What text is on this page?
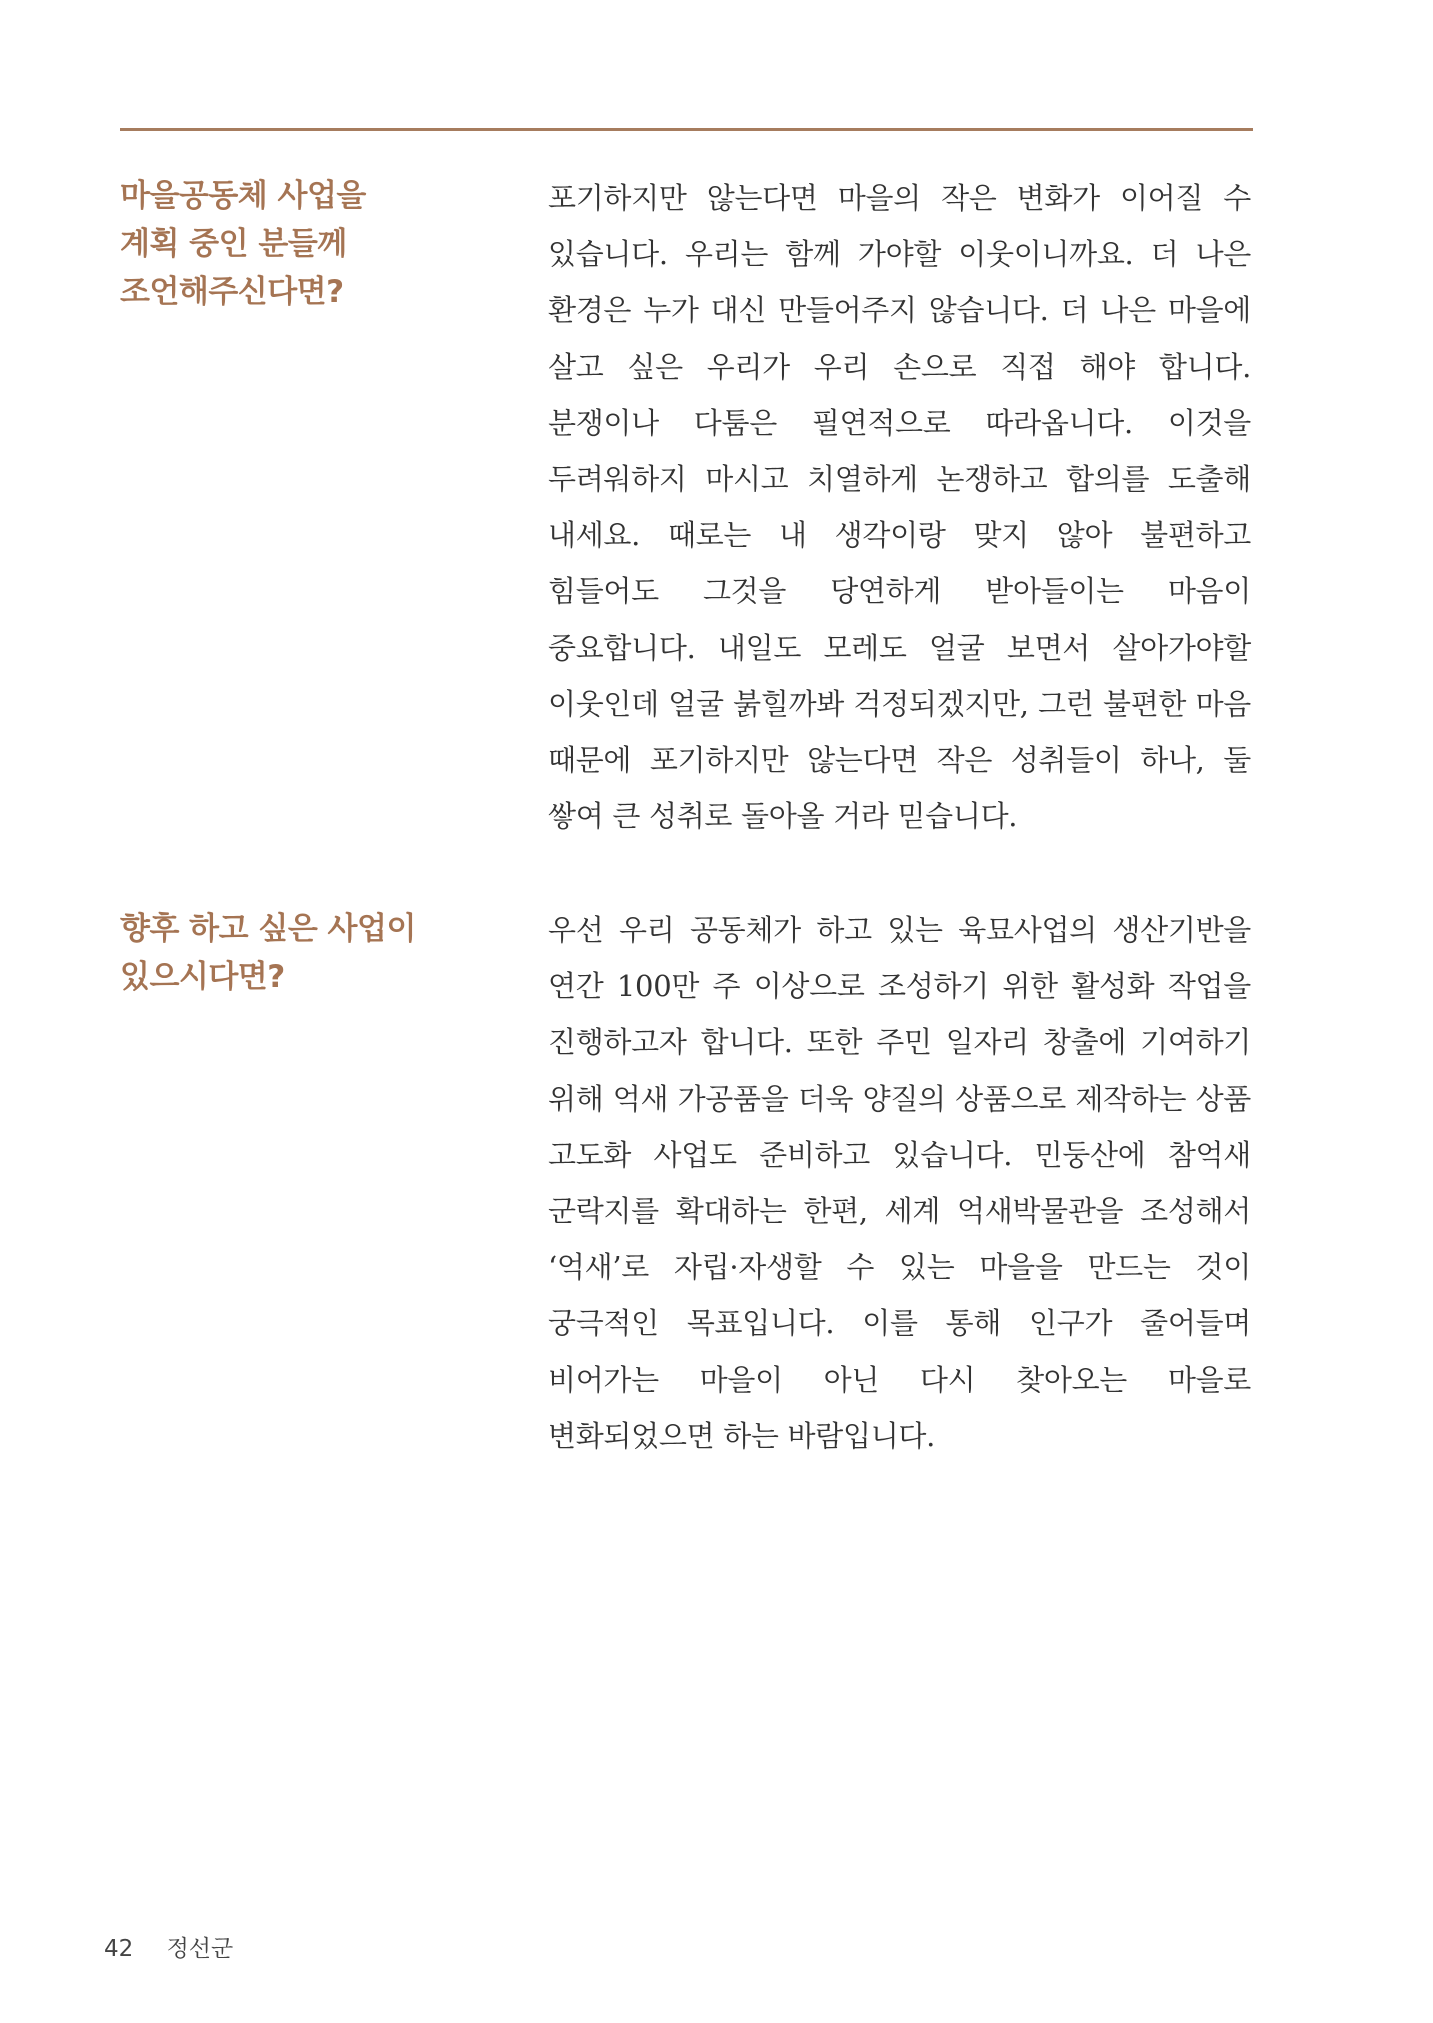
마을공동체 사업을
계획 중인 분들께
조언해주신다면?

포기하지만 않는다면 마을의 작은 변화가 이어질 수 있습니다. 우리는 함께 가야할 이웃이니까요. 더 나은 환경은 누가 대신 만들어주지 않습니다. 더 나은 마을에 살고 싶은 우리가 우리 손으로 직접 해야 합니다. 분쟁이나 다툼은 필연적으로 따라옵니다. 이것을 두려워하지 마시고 치열하게 논쟁하고 합의를 도출해 내세요. 때로는 내 생각이랑 맞지 않아 불편하고 힘들어도 그것을 당연하게 받아들이는 마음이 중요합니다. 내일도 모레도 얼굴 보면서 살아가야할 이웃인데 얼굴 붉힐까봐 걱정되겠지만, 그런 불편한 마음 때문에 포기하지만 않는다면 작은 성취들이 하나, 둘 쌓여 큰 성취로 돌아올 거라 믿습니다.

향후 하고 싶은 사업이
있으시다면?

우선 우리 공동체가 하고 있는 육묘사업의 생산기반을 연간 100만 주 이상으로 조성하기 위한 활성화 작업을 진행하고자 합니다. 또한 주민 일자리 창출에 기여하기 위해 억새 가공품을 더욱 양질의 상품으로 제작하는 상품 고도화 사업도 준비하고 있습니다. 민둥산에 참억새 군락지를 확대하는 한편, 세계 억새박물관을 조성해서 ‘억새’로 자립·자생할 수 있는 마을을 만드는 것이 궁극적인 목표입니다. 이를 통해 인구가 줄어들며 비어가는 마을이 아닌 다시 찾아오는 마을로 변화되었으면 하는 바람입니다.

42 정선군
